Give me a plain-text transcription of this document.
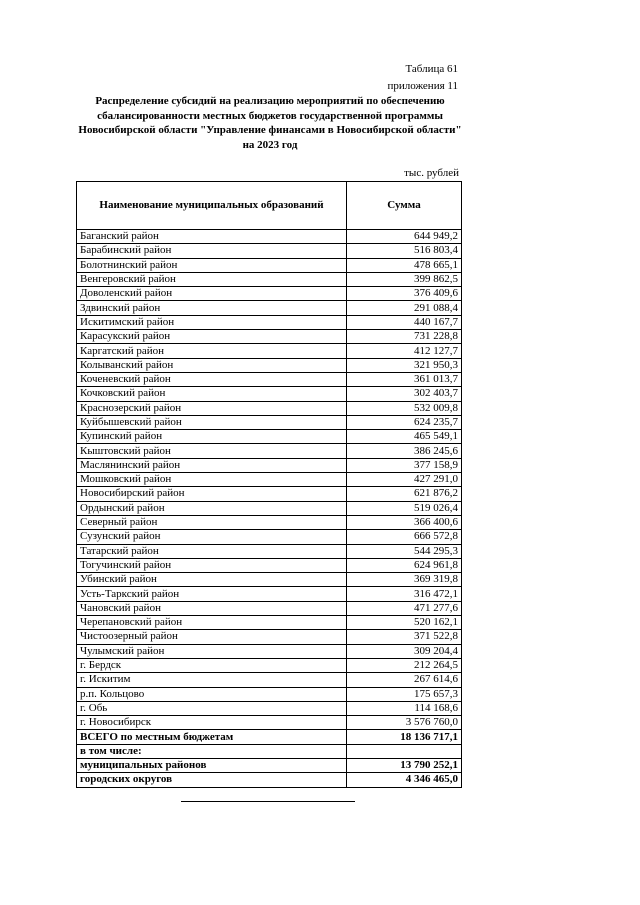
Таблица 61
приложения 11
Распределение субсидий на реализацию мероприятий по обеспечению сбалансированности местных бюджетов государственной программы Новосибирской области "Управление финансами в Новосибирской области" на 2023 год
тыс. рублей
Наименование муниципальных образований	Сумма
Баганский район	644 949,2
Барабинский район	516 803,4
Болотнинский район	478 665,1
Венгеровский район	399 862,5
Доволенский район	376 409,6
Здвинский район	291 088,4
Искитимский район	440 167,7
Карасукский район	731 228,8
Каргатский район	412 127,7
Колыванский район	321 950,3
Коченевский район	361 013,7
Кочковский район	302 403,7
Краснозерский район	532 009,8
Куйбышевский район	624 235,7
Купинский район	465 549,1
Кыштовский район	386 245,6
Маслянинский район	377 158,9
Мошковский район	427 291,0
Новосибирский район	621 876,2
Ордынский район	519 026,4
Северный район	366 400,6
Сузунский район	666 572,8
Татарский район	544 295,3
Тогучинский район	624 961,8
Убинский район	369 319,8
Усть-Таркский район	316 472,1
Чановский район	471 277,6
Черепановский район	520 162,1
Чистоозерный район	371 522,8
Чулымский район	309 204,4
г. Бердск	212 264,5
г. Искитим	267 614,6
р.п. Кольцово	175 657,3
г. Обь	114 168,6
г. Новосибирск	3 576 760,0
ВСЕГО по местным бюджетам	18 136 717,1
в том числе:	
муниципальных районов	13 790 252,1
городских округов	4 346 465,0
